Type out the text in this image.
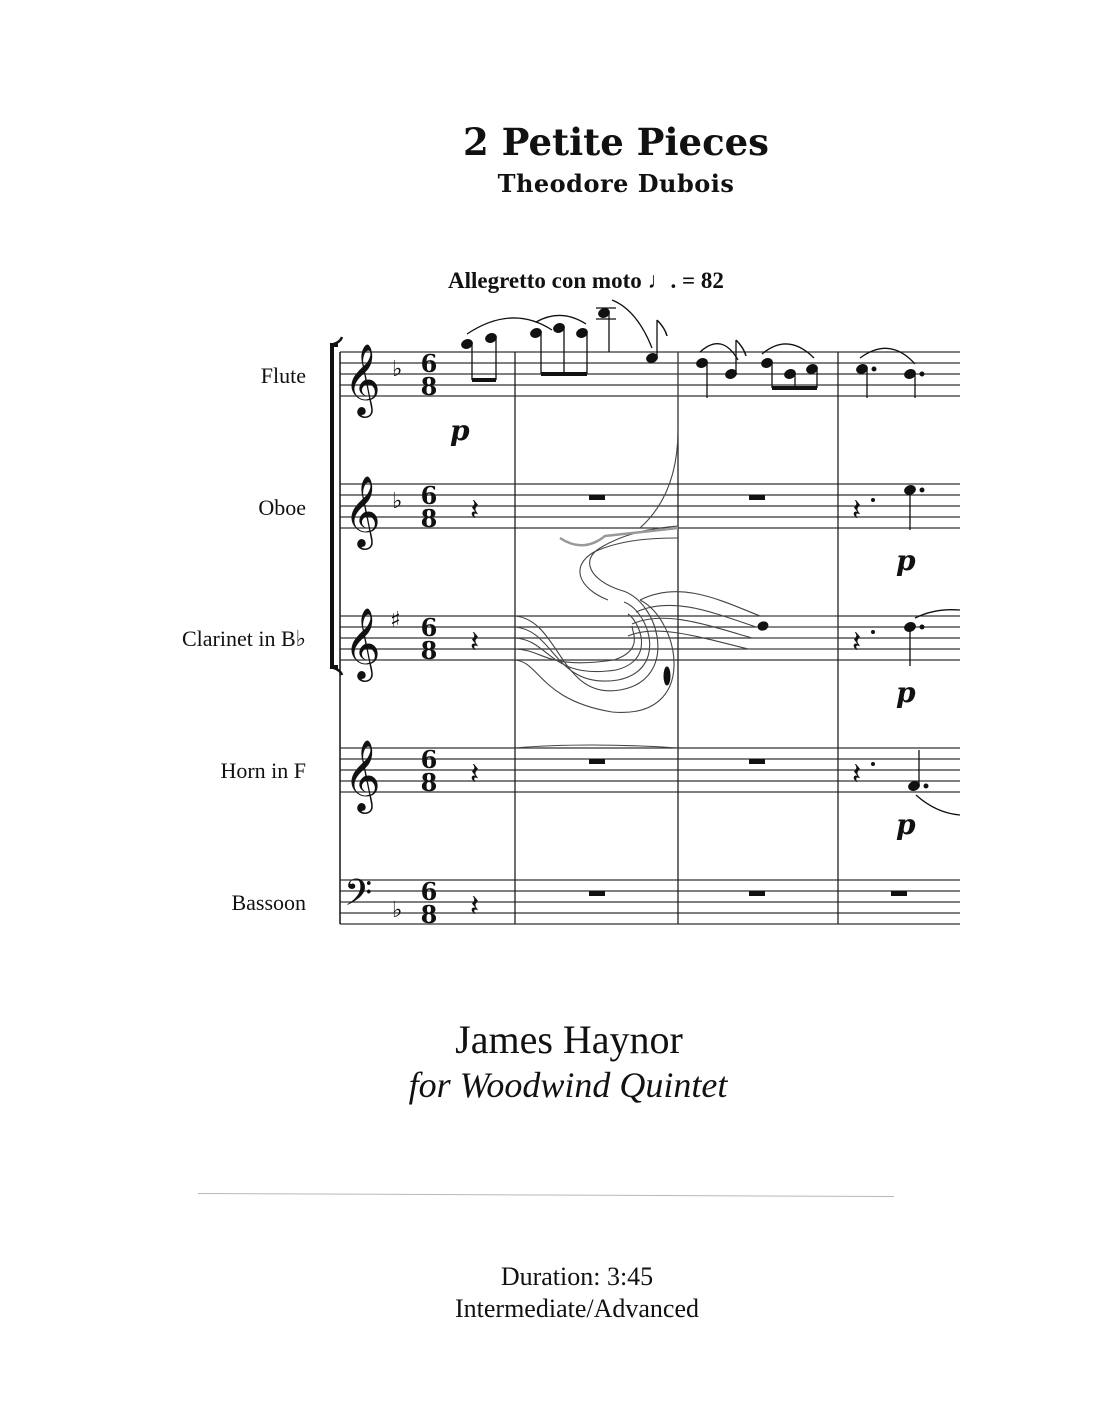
2 Petite Pieces
Theodore Dubois
Allegretto con moto ♩. = 82
Flute
Oboe
Clarinet in B♭
Horn in F
Bassoon
𝄞
𝄞
𝄞
𝄞
𝄢
♭
♭
♯
♭
6
8
6
8
6
8
6
8
6
8
𝄽
𝄽
𝄽
𝄽
𝄽
𝄽
𝄽
p
p
p
p
James Haynor
for Woodwind Quintet
Duration: 3:45
Intermediate/Advanced
